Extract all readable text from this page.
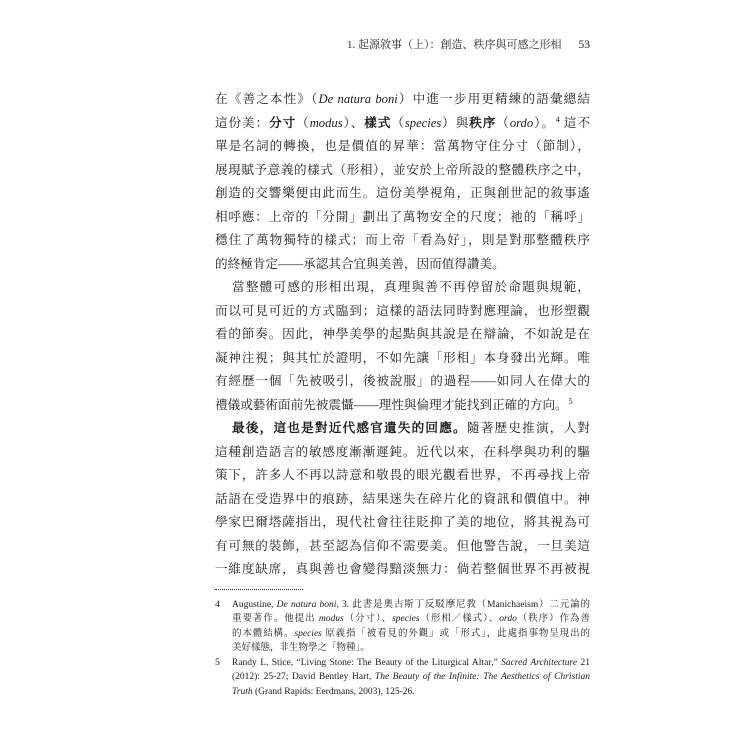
1. 起源敘事（上）：創造、秩序與可感之形相 53
在《善之本性》（De natura boni）中進一步用更精練的語彙總結
這份美：分寸（modus）、樣式（species）與秩序（ordo）。$^4$ 這不
單是名詞的轉換，也是價值的昇華：當萬物守住分寸（節制），
展現賦予意義的樣式（形相），並安於上帝所設的整體秩序之中，
創造的交響樂便由此而生。這份美學視角，正與創世記的敘事遙
相呼應：上帝的「分開」劃出了萬物安全的尺度；祂的「稱呼」
穩住了萬物獨特的樣式；而上帝「看為好」，則是對那整體秩序
的終極肯定——承認其合宜與美善，因而值得讚美。
當整體可感的形相出現，真理與善不再停留於命題與規範，
而以可見可近的方式臨到；這樣的語法同時對應理論，也形塑觀
看的節奏。因此，神學美學的起點與其說是在辯論，不如說是在
凝神注視；與其忙於證明，不如先讓「形相」本身發出光輝。唯
有經歷一個「先被吸引，後被說服」的過程——如同人在偉大的
禮儀或藝術面前先被震懾——理性與倫理才能找到正確的方向。$^5$
最後，這也是對近代感官遺失的回應。隨著歷史推演，人對
這種創造語言的敏感度漸漸遲鈍。近代以來，在科學與功利的驅
策下，許多人不再以詩意和敬畏的眼光觀看世界，不再尋找上帝
話語在受造界中的痕跡，結果迷失在碎片化的資訊和價值中。神
學家巴爾塔薩指出，現代社會往往貶抑了美的地位，將其視為可
有可無的裝飾，甚至認為信仰不需要美。但他警告說，一旦美這
一維度缺席，真與善也會變得黯淡無力：倘若整個世界不再被視
4 Augustine, De natura boni, 3. 此書是奧古斯丁反駁摩尼教（Manichaeism）二元論的
重要著作。他提出 modus（分寸）、species（形相／樣式）、ordo（秩序）作為善
的本體結構。species 原義指「被看見的外觀」或「形式」，此處指事物呈現出的
美好樣態，非生物學之「物種」。
5 Randy L. Stice, “Living Stone: The Beauty of the Liturgical Altar,” Sacred Architecture 21
(2012): 25-27; David Bentley Hart, The Beauty of the Infinite: The Aesthetics of Christian
Truth (Grand Rapids: Eerdmans, 2003), 125-26.
